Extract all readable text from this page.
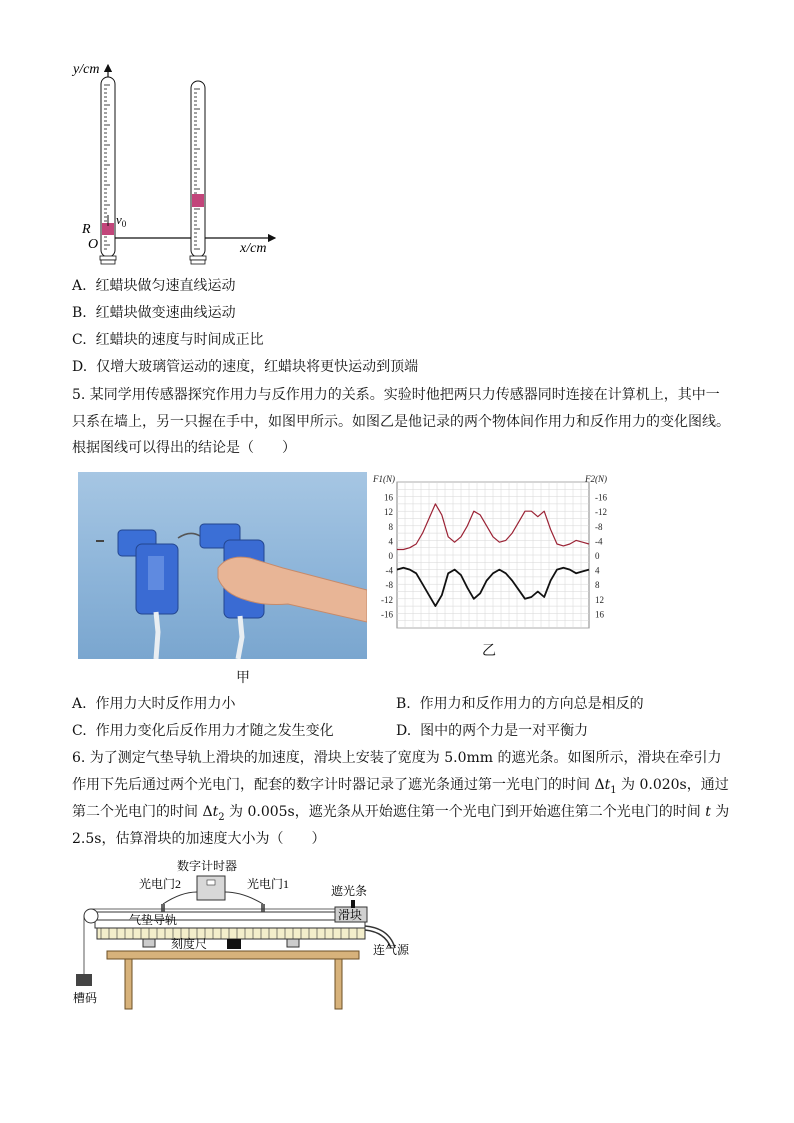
y/cm
x/cm
O
R
$v_0$
A. 红蜡块做匀速直线运动
B. 红蜡块做变速曲线运动
C. 红蜡块的速度与时间成正比
D. 仅增大玻璃管运动的速度，红蜡块将更快运动到顶端
5. 某同学用传感器探究作用力与反作用力的关系。实验时他把两只力传感器同时连接在计算机上，其中一
只系在墙上，另一只握在手中，如图甲所示。如图乙是他记录的两个物体间作用力和反作用力的变化图线。
根据图线可以得出的结论是（　　）
甲
16	-16
12	-12
8	-8
4	-4
0	0
-4	4
-8	8
-12	12
-16	16
F1(N)	F2(N)
乙
A. 作用力大时反作用力小	B. 作用力和反作用力的方向总是相反的
C. 作用力变化后反作用力才随之发生变化	D. 图中的两个力是一对平衡力
6. 为了测定气垫导轨上滑块的加速度，滑块上安装了宽度为 5.0mm 的遮光条。如图所示，滑块在牵引力
作用下先后通过两个光电门，配套的数字计时器记录了遮光条通过第一光电门的时间 $\Delta t_1$ 为 0.020s，通过
第二个光电门的时间 $\Delta t_2$ 为 0.005s，遮光条从开始遮住第一个光电门到开始遮住第二个光电门的时间 t 为
2.5s，估算滑块的加速度大小为（　　）
数字计时器
光电门2	光电门1	遮光条
气垫导轨	滑块
刻度尺	连气源
槽码
